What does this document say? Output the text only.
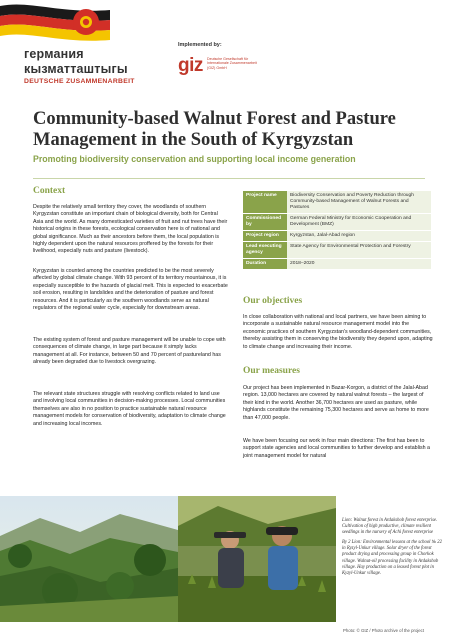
германия
кызматташтыгы
DEUTSCHE ZUSAMMENARBEIT
Implemented by:
giz Deutsche Gesellschaft für Internationale Zusammenarbeit (GIZ) GmbH
Community-based Walnut Forest and Pasture Management in the South of Kyrgyzstan
Promoting biodiversity conservation and supporting local income generation
Context
Despite the relatively small territory they cover, the woodlands of southern Kyrgyzstan constitute an important chain of biological diversity, both for Central Asia and the world. As many domesticated varieties of fruit and nut trees have their historical origins in these forests, ecological conservation here is of national and global significance. Much as their ancestors before them, the local population is highly dependent upon the natural resources proffered by the forests for their livelihood, especially nuts and pasture (livestock).
Kyrgyzstan is counted among the countries predicted to be the most severely affected by global climate change. With 93 percent of its territory mountainous, it is especially susceptible to the hazards of glacial melt. This is expected to exacerbate soil erosion, resulting in landslides and the deterioration of pasture and forest resources. And it is particularly as the southern woodlands serve as natural regulators of the regional water cycle, especially for downstream areas.
The existing system of forest and pasture management will be unable to cope with consequences of climate change, in large part because it simply lacks management at all. For instance, between 50 and 70 percent of pastureland has already been degraded due to livestock overgrazing.
The relevant state structures struggle with resolving conflicts related to land use and involving local communities in decision-making processes. Local communities themselves are also in no position to practice sustainable natural resource management models for conservation of biodiversity, adaptation to climate change and increasing local incomes.
Project name	Biodiversity Conservation and Poverty Reduction through Community-based Management of Walnut Forests and Pastures
Commissioned by	German Federal Ministry for Economic Cooperation and Development (BMZ)
Project region	Kyrgyzstan, Jalal-Abad region
Lead executing agency	State Agency for Environmental Protection and Forestry
Duration	2018–2020
Our objectives
In close collaboration with national and local partners, we have been aiming to incorporate a sustainable natural resource management model into the economic practices of southern Kyrgyzstan's woodland-dependent communities, thereby assisting them in conserving the biodiversity they depend upon, adapting to climate change and increasing their income.
Our measures
Our project has been implemented in Bazar-Korgon, a district of the Jalal-Abad region. 13,000 hectares are covered by natural walnut forests – the largest of their kind in the world. Another 36,700 hectares are used as pasture, while highlands constitute the remaining 75,300 hectares and serve as home to more than 47,000 people.
We have been focusing our work in four main directions: The first has been to support state agencies and local communities to further develop and establish a joint management model for natural

Lion: Walnut forest in Ardakshob forest enterprise. Cultivation of high productive, climate resilient seedlings in the nursery of Achi forest enterprise

By 2 Lion: Environmental lessons at the school № 22 in Ryzyl-Unkur village. Solar dryer of the forest product drying and processing group in Chorkok village. Walnut-oil processing facility in Ardakshob village. Hay production on a leased forest plot in Kyzyl-Unkur village.

Photo: © GIZ / Photo archive of the project
